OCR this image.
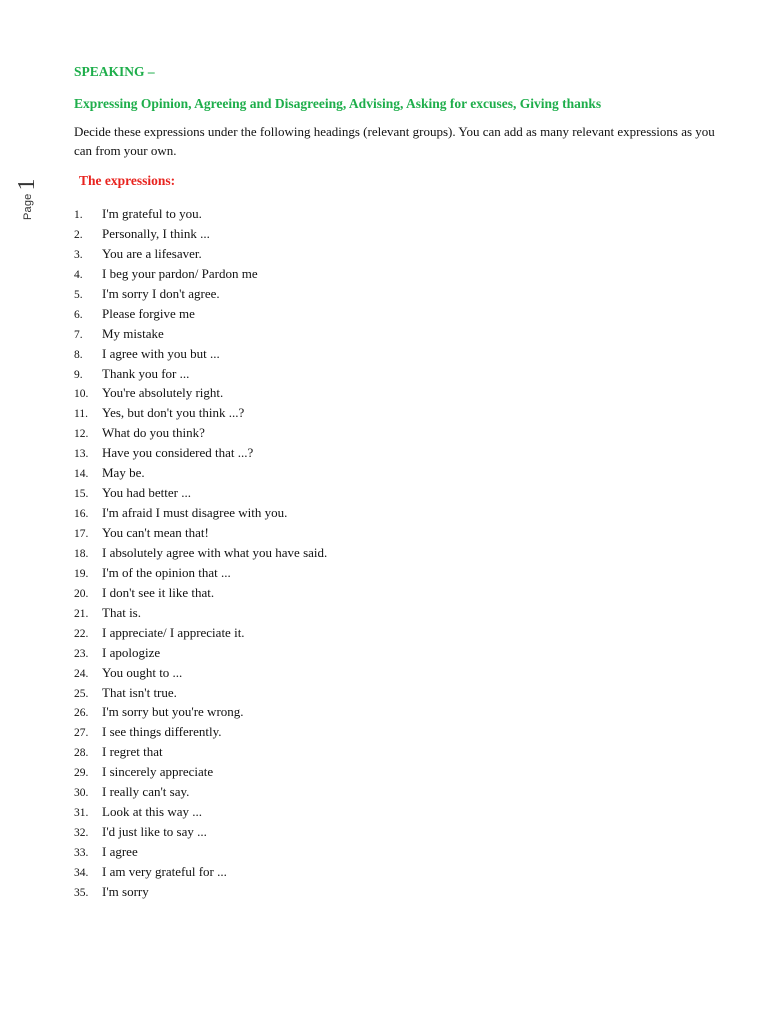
Page1

SPEAKING –

Expressing Opinion, Agreeing and Disagreeing, Advising, Asking for excuses, Giving thanks

Decide these expressions under the following headings (relevant groups). You can add as many relevant expressions as you can from your own.

The expressions:

1. I'm grateful to you.
2. Personally, I think ...
3. You are a lifesaver.
4. I beg your pardon/ Pardon me
5. I'm sorry I don't agree.
6. Please forgive me
7. My mistake
8. I agree with you but ...
9. Thank you for ...
10. You're absolutely right.
11. Yes, but don't you think ...?
12. What do you think?
13. Have you considered that ...?
14. May be.
15. You had better ...
16. I'm afraid I must disagree with you.
17. You can't mean that!
18. I absolutely agree with what you have said.
19. I'm of the opinion that ...
20. I don't see it like that.
21. That is.
22. I appreciate/ I appreciate it.
23. I apologize
24. You ought to ...
25. That isn't true.
26. I'm sorry but you're wrong.
27. I see things differently.
28. I regret that
29. I sincerely appreciate
30. I really can't say.
31. Look at this way ...
32. I'd just like to say ...
33. I agree
34. I am very grateful for ...
35. I'm sorry
